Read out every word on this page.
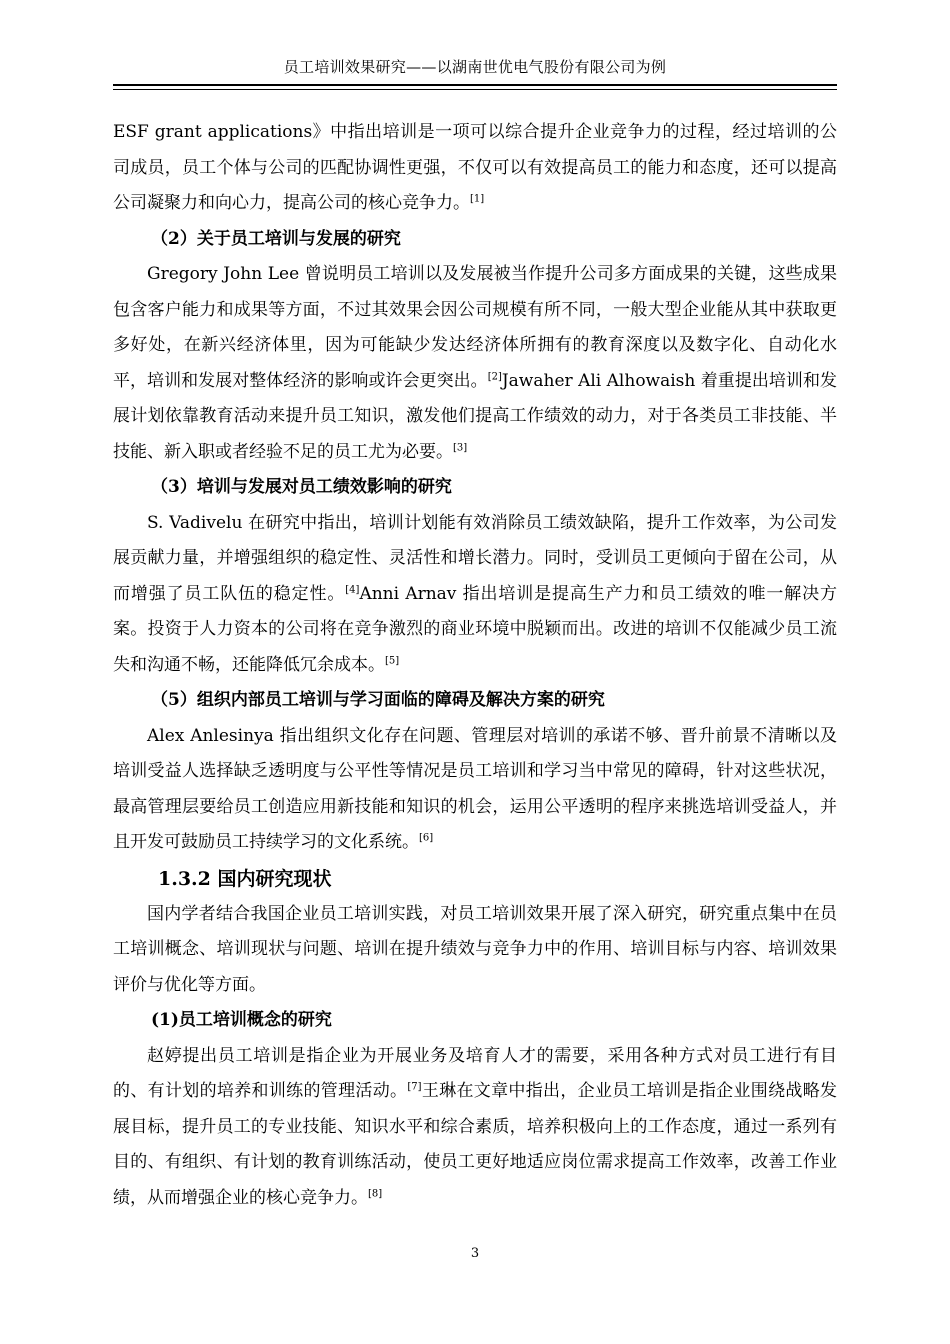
员工培训效果研究——以湖南世优电气股份有限公司为例

ESF grant applications》中指出培训是一项可以综合提升企业竞争力的过程，经过培训的公司成员，员工个体与公司的匹配协调性更强，不仅可以有效提高员工的能力和态度，还可以提高公司凝聚力和向心力，提高公司的核心竞争力。[1]

（2）关于员工培训与发展的研究

Gregory John Lee 曾说明员工培训以及发展被当作提升公司多方面成果的关键，这些成果包含客户能力和成果等方面，不过其效果会因公司规模有所不同，一般大型企业能从其中获取更多好处，在新兴经济体里，因为可能缺少发达经济体所拥有的教育深度以及数字化、自动化水平，培训和发展对整体经济的影响或许会更突出。[2]Jawaher Ali Alhowaish 着重提出培训和发展计划依靠教育活动来提升员工知识，激发他们提高工作绩效的动力，对于各类员工非技能、半技能、新入职或者经验不足的员工尤为必要。[3]

（3）培训与发展对员工绩效影响的研究

S. Vadivelu 在研究中指出，培训计划能有效消除员工绩效缺陷，提升工作效率，为公司发展贡献力量，并增强组织的稳定性、灵活性和增长潜力。同时，受训员工更倾向于留在公司，从而增强了员工队伍的稳定性。[4]Anni Arnav 指出培训是提高生产力和员工绩效的唯一解决方案。投资于人力资本的公司将在竞争激烈的商业环境中脱颖而出。改进的培训不仅能减少员工流失和沟通不畅，还能降低冗余成本。[5]

（5）组织内部员工培训与学习面临的障碍及解决方案的研究

Alex Anlesinya 指出组织文化存在问题、管理层对培训的承诺不够、晋升前景不清晰以及培训受益人选择缺乏透明度与公平性等情况是员工培训和学习当中常见的障碍，针对这些状况，最高管理层要给员工创造应用新技能和知识的机会，运用公平透明的程序来挑选培训受益人，并且开发可鼓励员工持续学习的文化系统。[6]

1.3.2 国内研究现状

国内学者结合我国企业员工培训实践，对员工培训效果开展了深入研究，研究重点集中在员工培训概念、培训现状与问题、培训在提升绩效与竞争力中的作用、培训目标与内容、培训效果评价与优化等方面。

(1)员工培训概念的研究

赵婷提出员工培训是指企业为开展业务及培育人才的需要，采用各种方式对员工进行有目的、有计划的培养和训练的管理活动。[7]王琳在文章中指出，企业员工培训是指企业围绕战略发展目标，提升员工的专业技能、知识水平和综合素质，培养积极向上的工作态度，通过一系列有目的、有组织、有计划的教育训练活动，使员工更好地适应岗位需求提高工作效率，改善工作业绩，从而增强企业的核心竞争力。[8]

3
